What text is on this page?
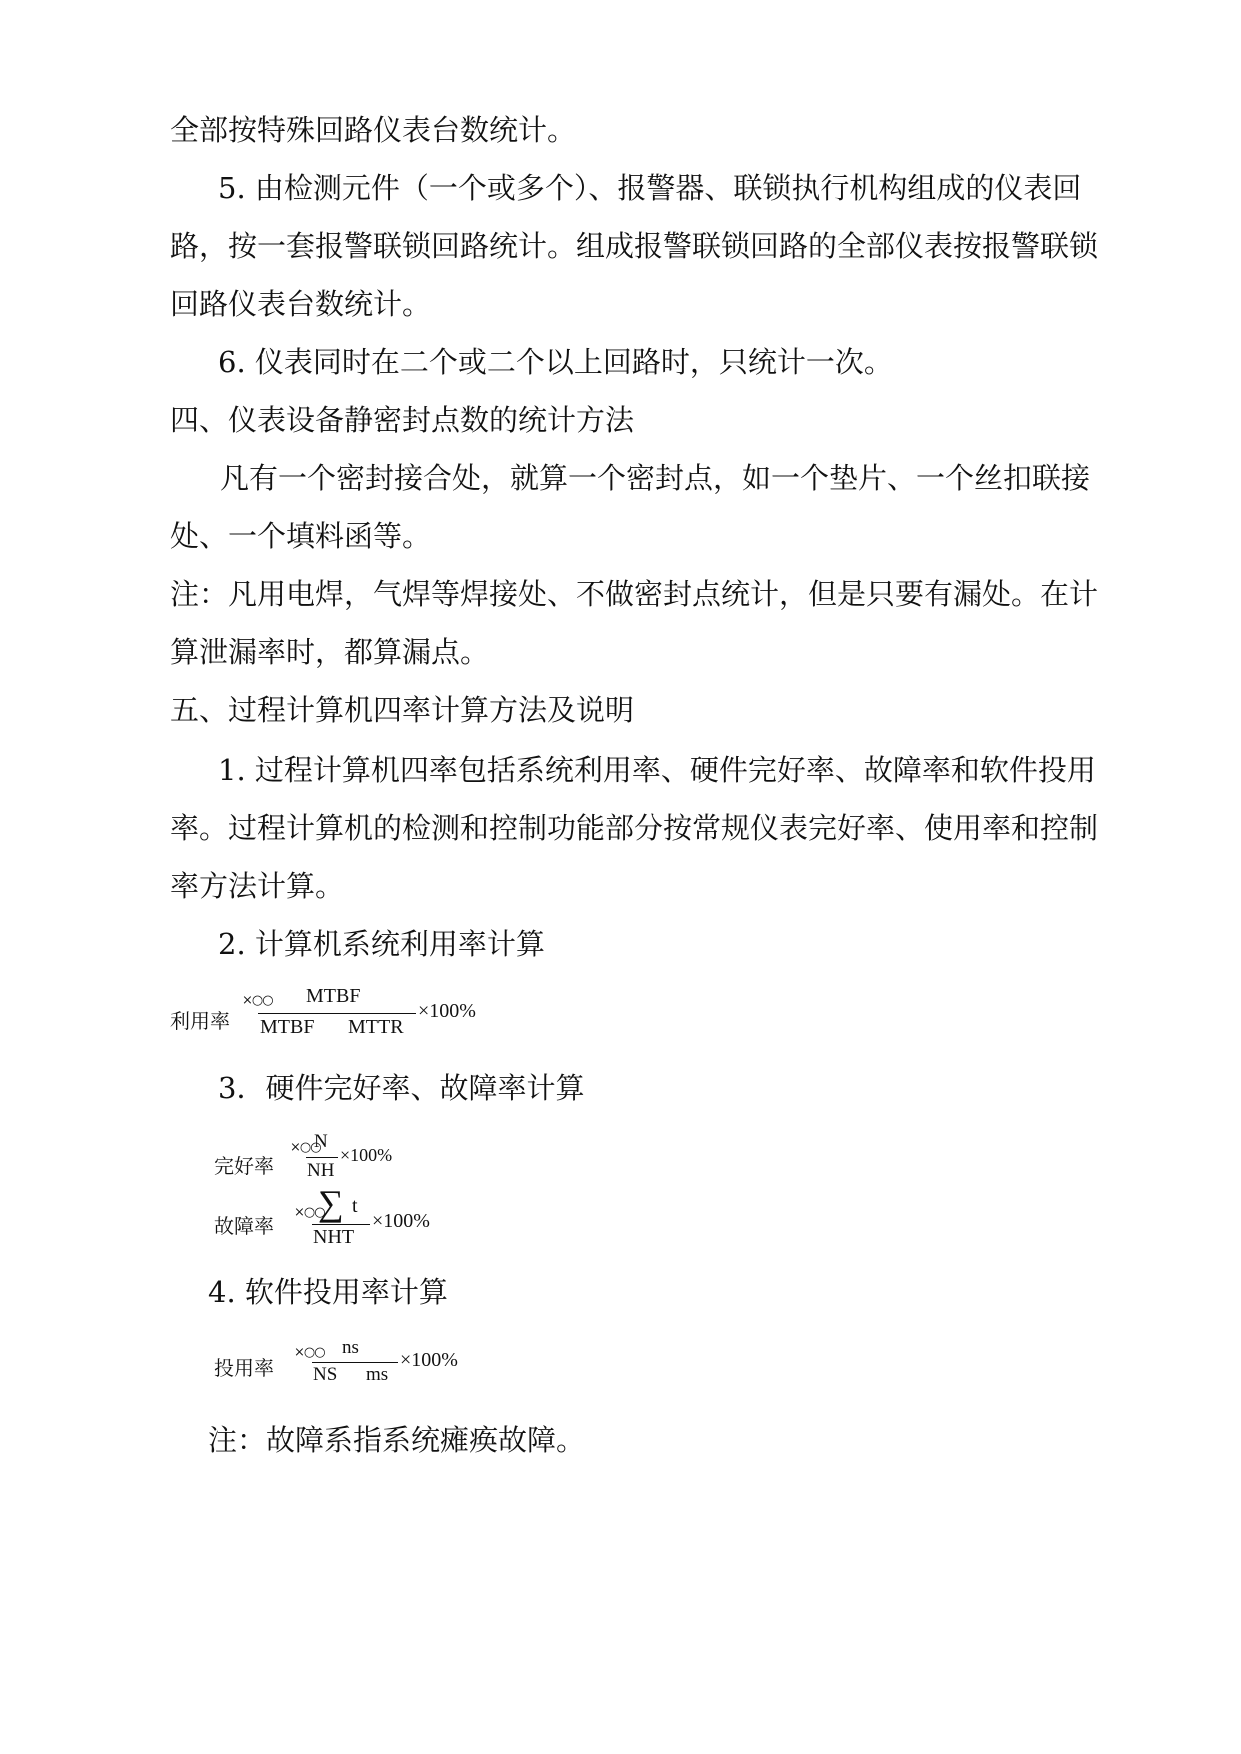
全部按特殊回路仪表台数统计。
5. 由检测元件（一个或多个）、报警器、联锁执行机构组成的仪表回
路，按一套报警联锁回路统计。组成报警联锁回路的全部仪表按报警联锁
回路仪表台数统计。
6. 仪表同时在二个或二个以上回路时，只统计一次。
四、仪表设备静密封点数的统计方法
凡有一个密封接合处，就算一个密封点，如一个垫片、一个丝扣联接
处、一个填料函等。
注：凡用电焊，气焊等焊接处、不做密封点统计，但是只要有漏处。在计
算泄漏率时，都算漏点。
五、过程计算机四率计算方法及说明
1. 过程计算机四率包括系统利用率、硬件完好率、故障率和软件投用
率。过程计算机的检测和控制功能部分按常规仪表完好率、使用率和控制
率方法计算。
2. 计算机系统利用率计算
利用率
×○○ MTBF
MTBF MTTR
×100%
3．硬件完好率、故障率计算
完好率
×○○
N
NH
×100%
故障率
×○○
∑ t
NHT
×100%
4. 软件投用率计算
投用率
×○○ ns
NS ms
×100%
注：故障系指系统瘫痪故障。
